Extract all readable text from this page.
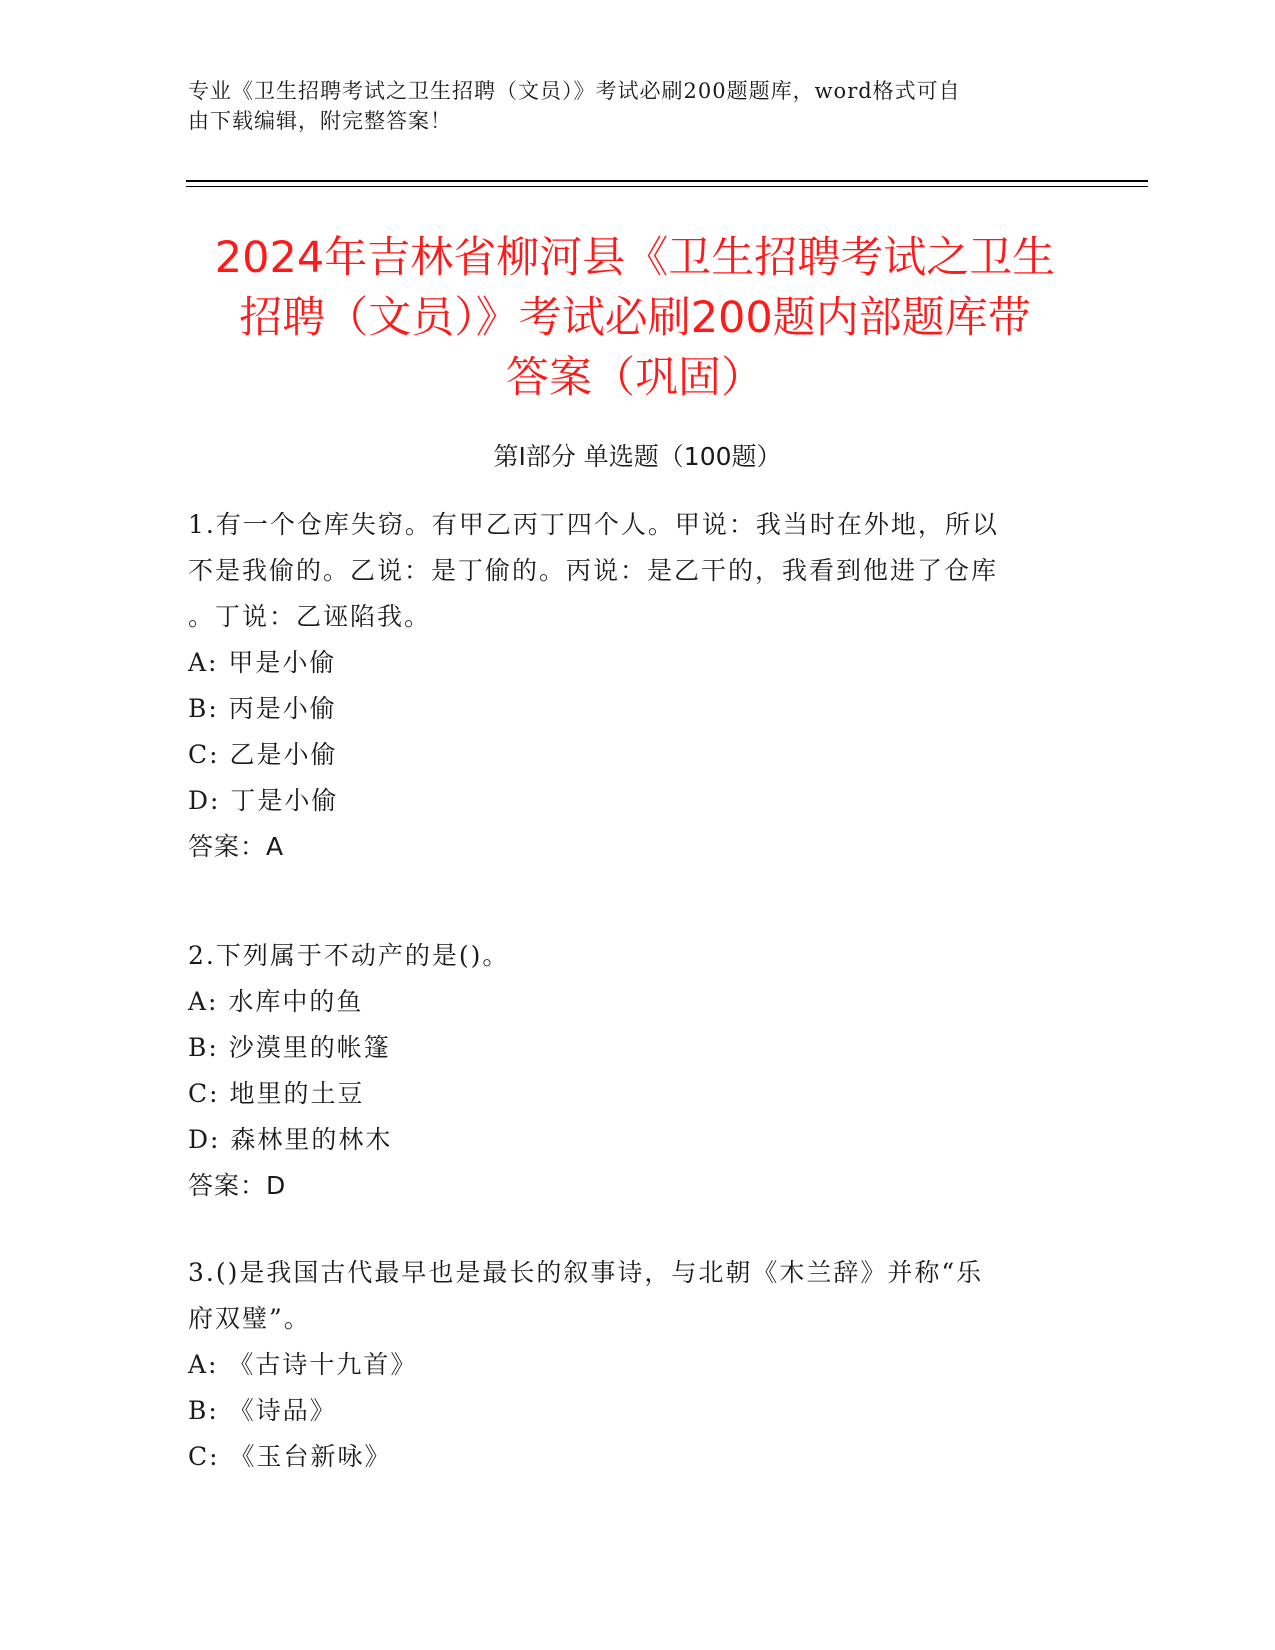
专业《卫生招聘考试之卫生招聘（文员）》考试必刷200题题库，word格式可自
由下载编辑，附完整答案！
2024年吉林省柳河县《卫生招聘考试之卫生
招聘（文员）》考试必刷200题内部题库带
答案（巩固）
第I部分 单选题（100题）
1.有一个仓库失窃。有甲乙丙丁四个人。甲说：我当时在外地，所以
不是我偷的。乙说：是丁偷的。丙说：是乙干的，我看到他进了仓库
。丁说：乙诬陷我。
A: 甲是小偷
B: 丙是小偷
C: 乙是小偷
D: 丁是小偷
答案：A
2.下列属于不动产的是()。
A: 水库中的鱼
B: 沙漠里的帐篷
C: 地里的土豆
D: 森林里的林木
答案：D
3.()是我国古代最早也是最长的叙事诗，与北朝《木兰辞》并称“乐
府双璧”。
A: 《古诗十九首》
B: 《诗品》
C: 《玉台新咏》
